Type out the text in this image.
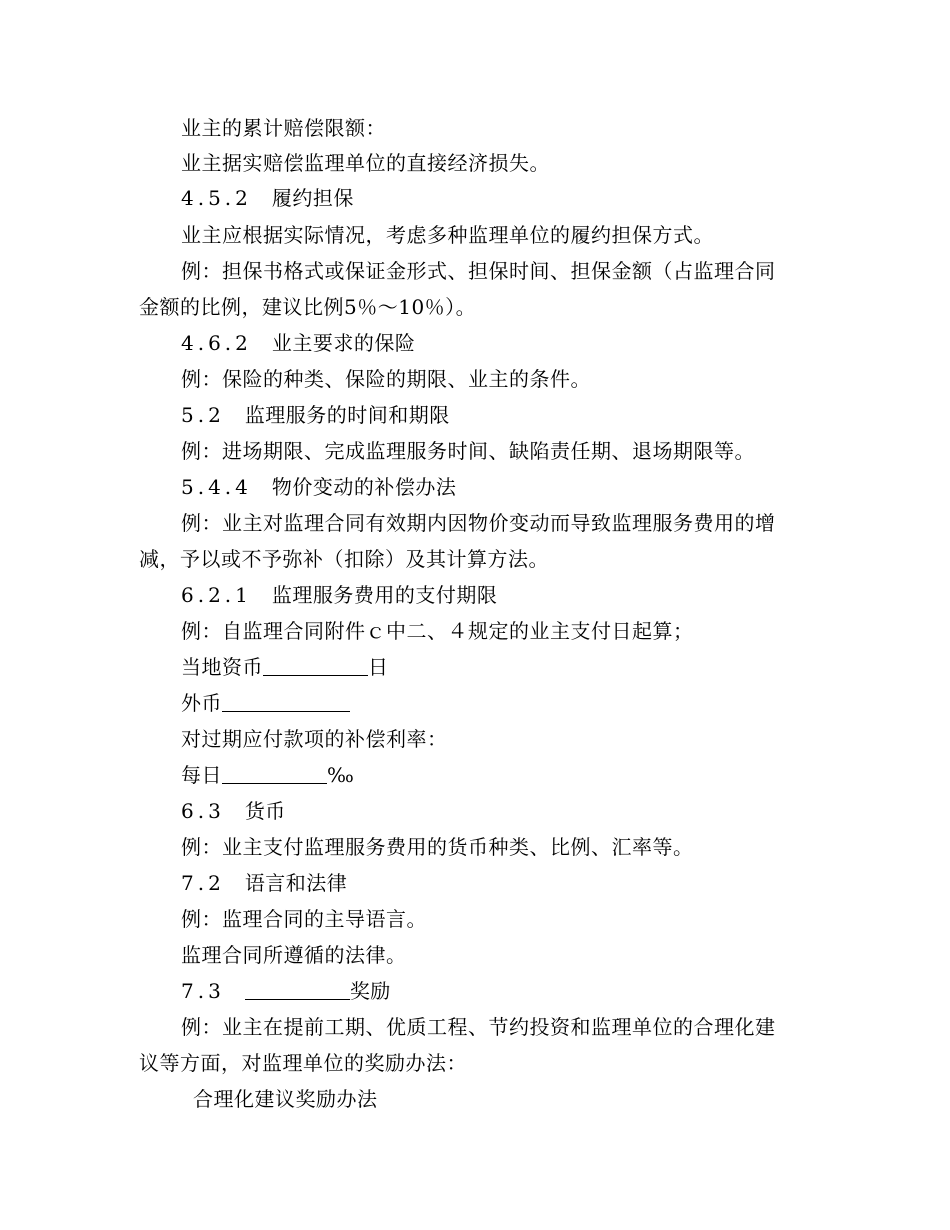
业主的累计赔偿限额：
业主据实赔偿监理单位的直接经济损失。
4.5.2 履约担保
业主应根据实际情况，考虑多种监理单位的履约担保方式。
例：担保书格式或保证金形式、担保时间、担保金额（占监理合同
金额的比例，建议比例5％～10％）。
4.6.2 业主要求的保险
例：保险的种类、保险的期限、业主的条件。
5.2 监理服务的时间和期限
例：进场期限、完成监理服务时间、缺陷责任期、退场期限等。
5.4.4 物价变动的补偿办法
例：业主对监理合同有效期内因物价变动而导致监理服务费用的增
减，予以或不予弥补（扣除）及其计算方法。
6.2.1 监理服务费用的支付期限
例：自监理合同附件ｃ中二、４规定的业主支付日起算；
当地资币	日
外币
对过期应付款项的补偿利率：
每日	‰
6.3 货币
例：业主支付监理服务费用的货币种类、比例、汇率等。
7.2 语言和法律
例：监理合同的主导语言。
监理合同所遵循的法律。
7.3	奖励
例：业主在提前工期、优质工程、节约投资和监理单位的合理化建
议等方面，对监理单位的奖励办法：
合理化建议奖励办法
